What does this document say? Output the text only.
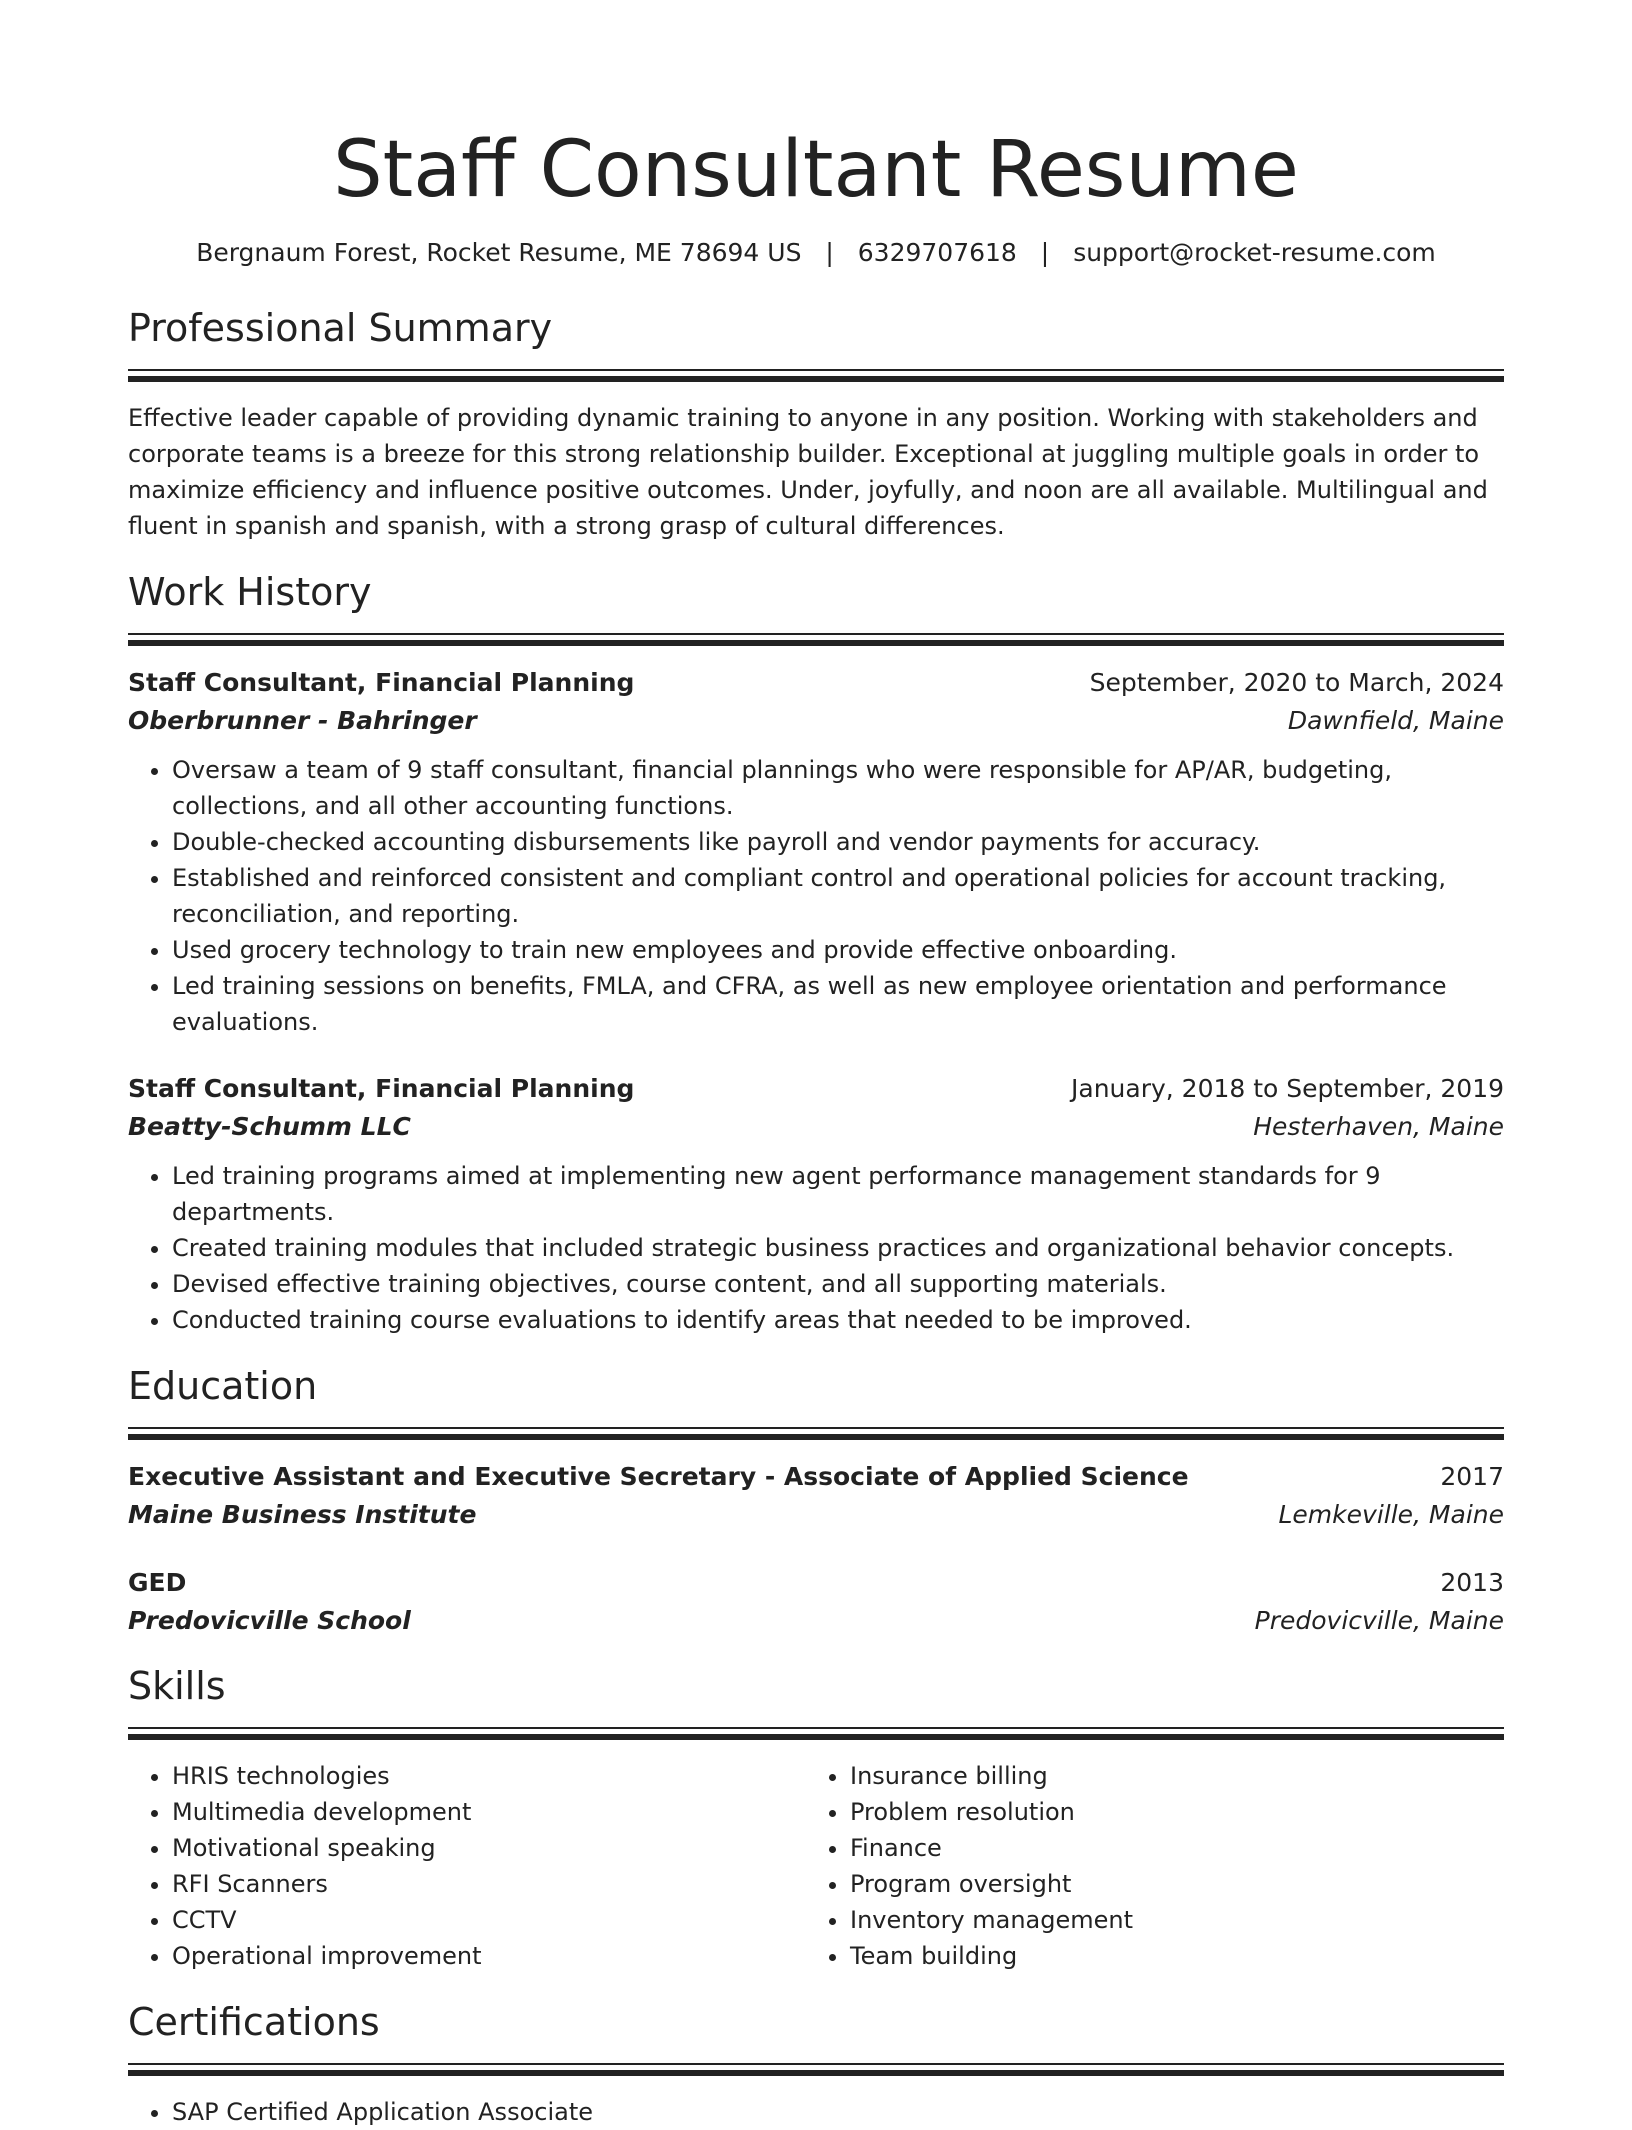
Staff Consultant Resume
Bergnaum Forest, Rocket Resume, ME 78694 US | 6329707618 | support@rocket-resume.com
Professional Summary

Effective leader capable of providing dynamic training to anyone in any position. Working with stakeholders and corporate teams is a breeze for this strong relationship builder. Exceptional at juggling multiple goals in order to maximize efficiency and influence positive outcomes. Under, joyfully, and noon are all available. Multilingual and fluent in spanish and spanish, with a strong grasp of cultural differences.

Work History
Staff Consultant, Financial Planning	September, 2020 to March, 2024
Oberbrunner - Bahringer	Dawnfield, Maine
• Oversaw a team of 9 staff consultant, financial plannings who were responsible for AP/AR, budgeting, collections, and all other accounting functions.
• Double-checked accounting disbursements like payroll and vendor payments for accuracy.
• Established and reinforced consistent and compliant control and operational policies for account tracking, reconciliation, and reporting.
• Used grocery technology to train new employees and provide effective onboarding.
• Led training sessions on benefits, FMLA, and CFRA, as well as new employee orientation and performance evaluations.
Staff Consultant, Financial Planning	January, 2018 to September, 2019
Beatty-Schumm LLC	Hesterhaven, Maine
• Led training programs aimed at implementing new agent performance management standards for 9 departments.
• Created training modules that included strategic business practices and organizational behavior concepts.
• Devised effective training objectives, course content, and all supporting materials.
• Conducted training course evaluations to identify areas that needed to be improved.
Education
Executive Assistant and Executive Secretary - Associate of Applied Science	2017
Maine Business Institute	Lemkeville, Maine
GED	2013
Predovicville School	Predovicville, Maine
Skills
• HRIS technologies
• Multimedia development
• Motivational speaking
• RFI Scanners
• CCTV
• Operational improvement
• Insurance billing
• Problem resolution
• Finance
• Program oversight
• Inventory management
• Team building
Certifications
• SAP Certified Application Associate
